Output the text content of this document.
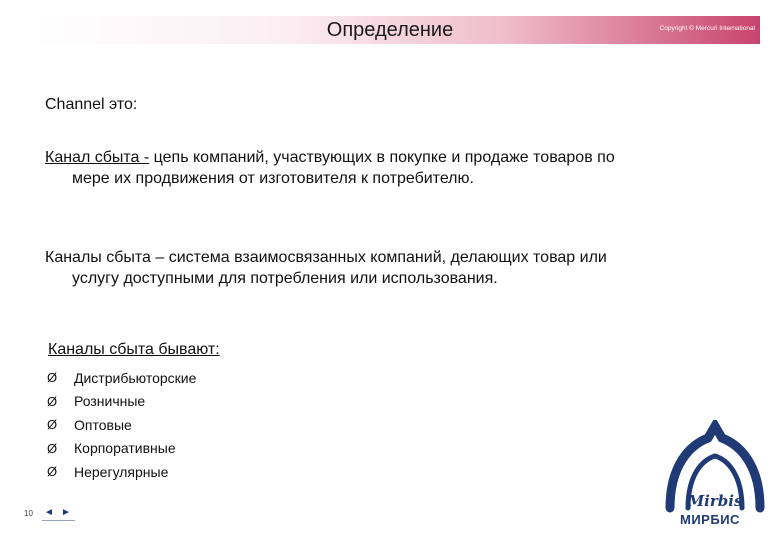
Определение	Copyright © Mercuri International
Channel это:
Канал сбыта - цепь компаний, участвующих в покупке и продаже товаров по
мере их продвижения от изготовителя к потребителю.
Каналы сбыта – система взаимосвязанных компаний, делающих товар или
услугу доступными для потребления или использования.
Каналы сбыта бывают:
Ø	Дистрибьюторские
Ø	Розничные
Ø	Оптовые
Ø	Корпоративные
Ø	Нерегулярные
10 ◄ ►
Mirbis
МИРБИС
